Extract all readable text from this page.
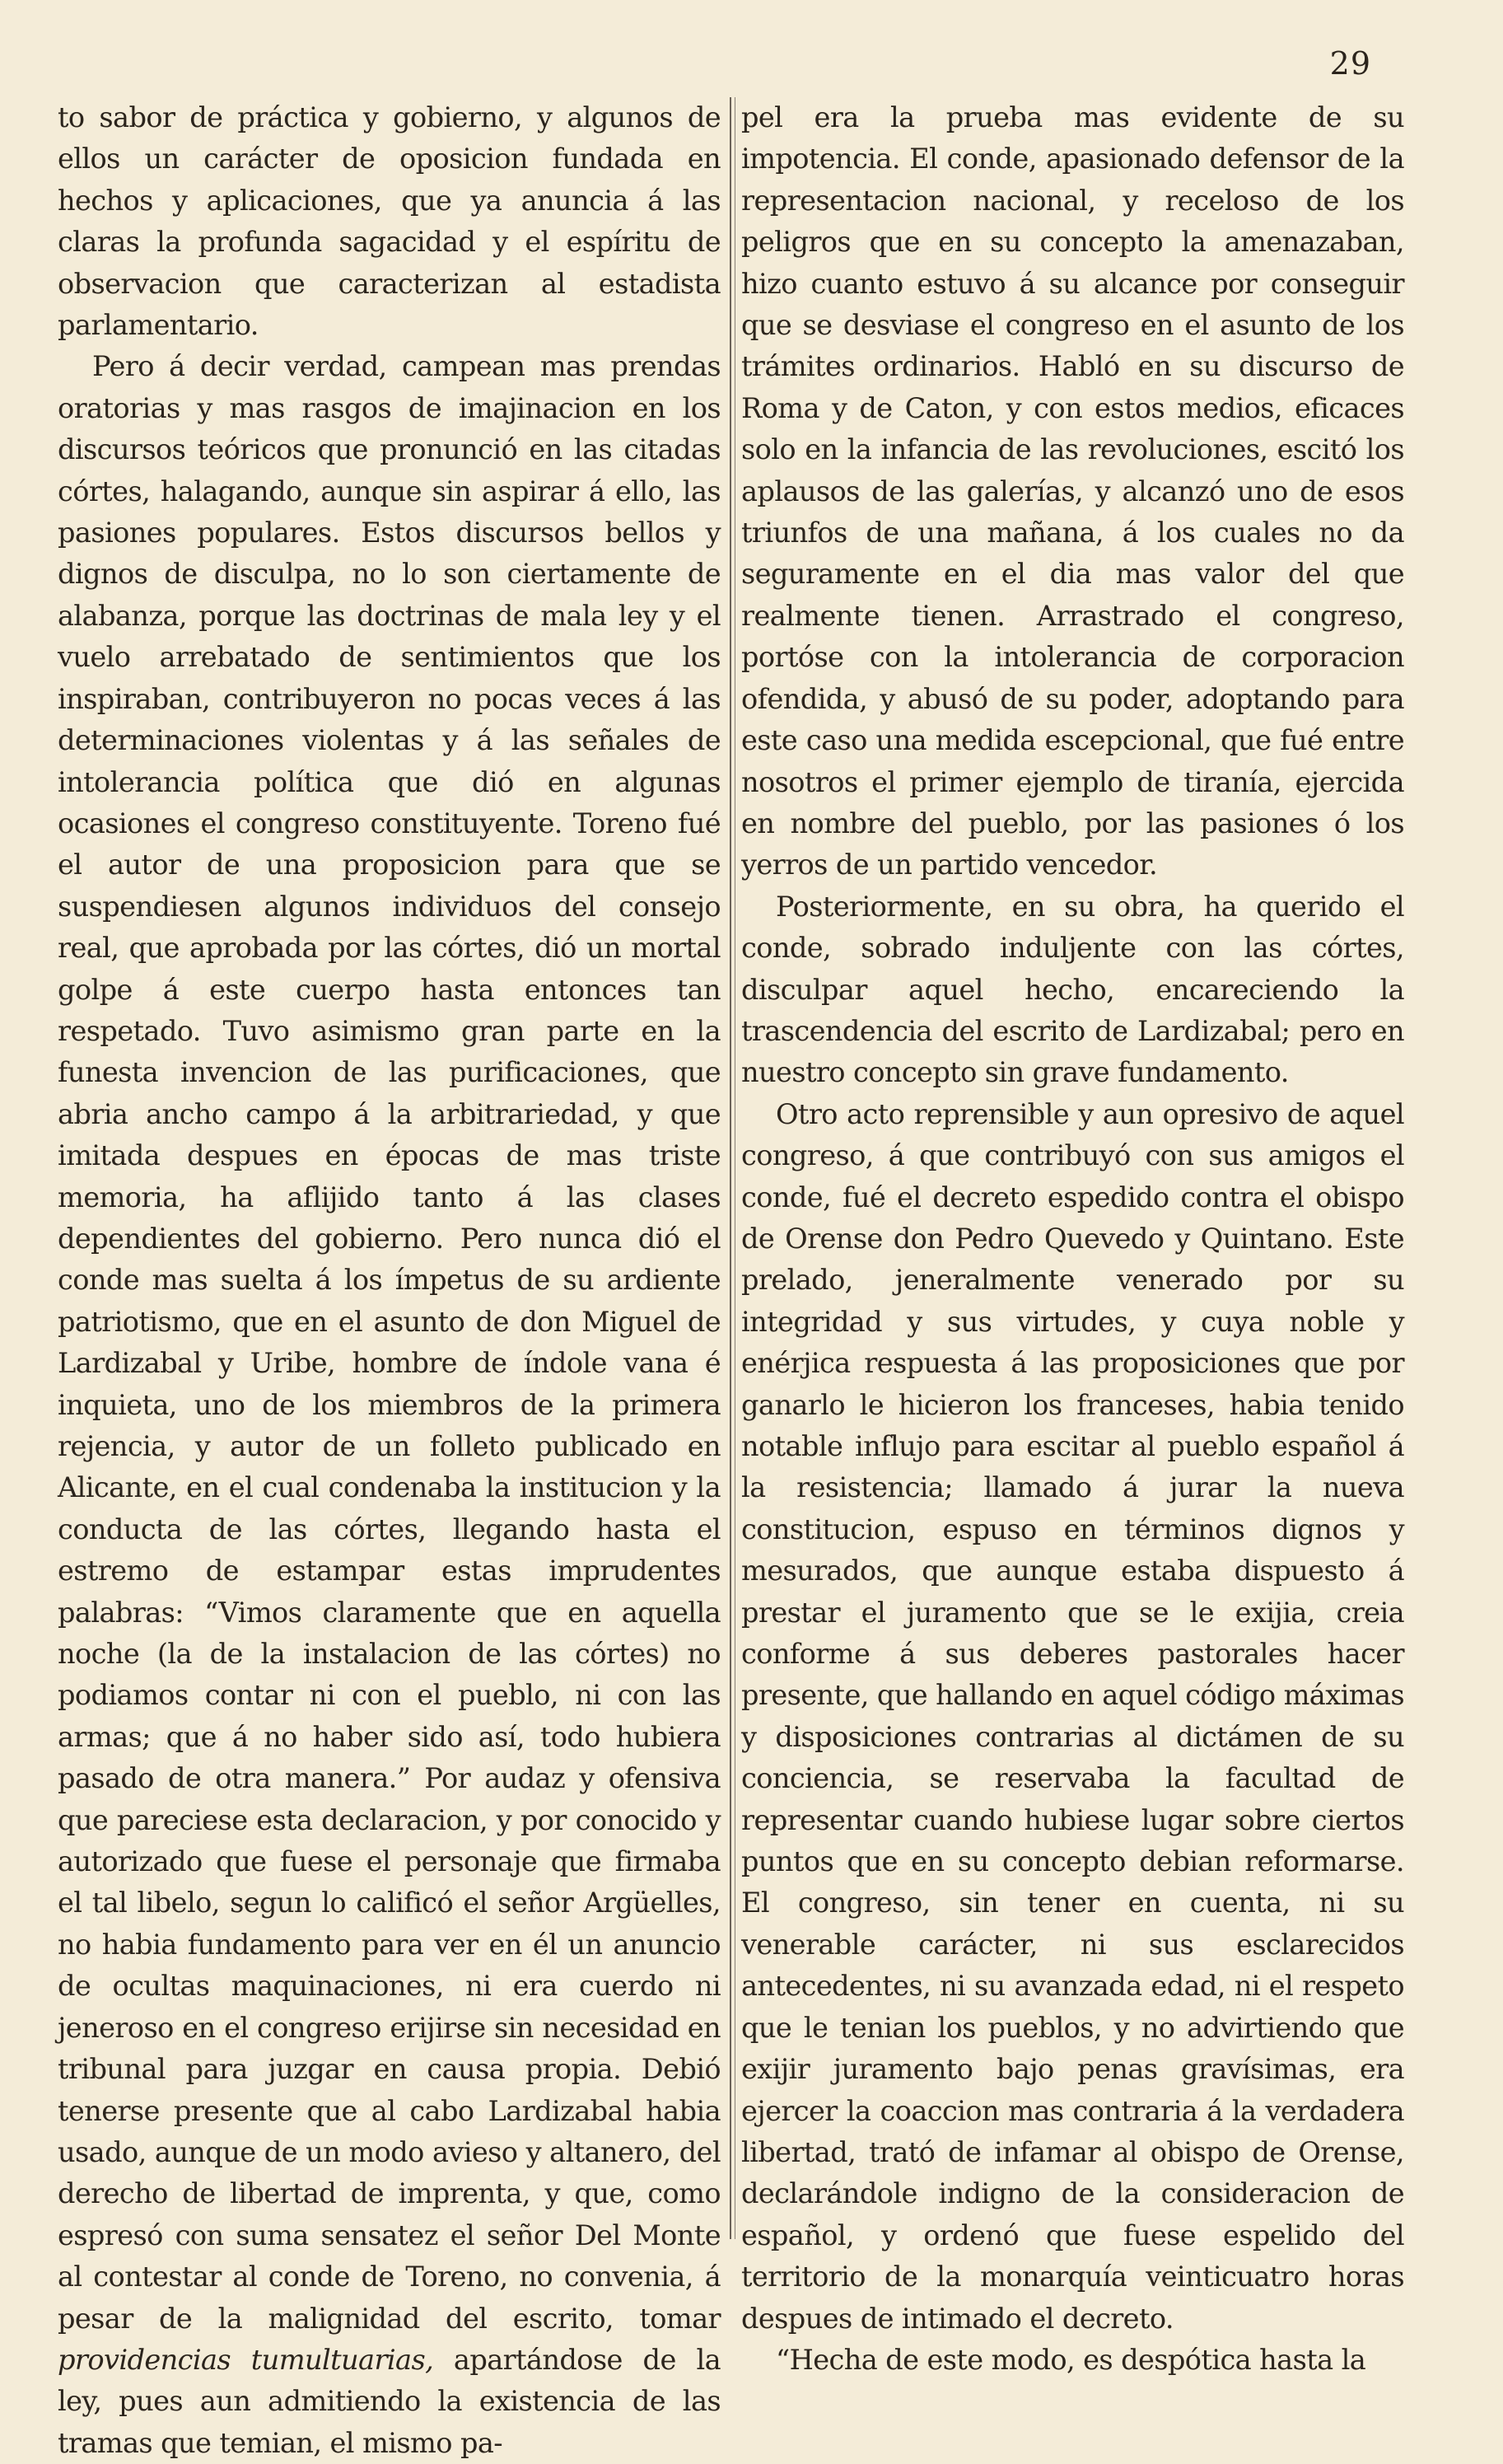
29

to sabor de práctica y gobierno, y algunos de ellos un carácter de oposicion fundada en hechos y aplicaciones, que ya anuncia á las claras la profunda sagacidad y el espíritu de observacion que caracterizan al estadista parlamentario.

Pero á decir verdad, campean mas prendas oratorias y mas rasgos de imajinacion en los discursos teóricos que pronunció en las citadas córtes, halagando, aunque sin aspirar á ello, las pasiones populares. Estos discursos bellos y dignos de disculpa, no lo son ciertamente de alabanza, porque las doctrinas de mala ley y el vuelo arrebatado de sentimientos que los inspiraban, contribuyeron no pocas veces á las determinaciones violentas y á las señales de intolerancia política que dió en algunas ocasiones el congreso constituyente. Toreno fué el autor de una proposicion para que se suspendiesen algunos individuos del consejo real, que aprobada por las córtes, dió un mortal golpe á este cuerpo hasta entonces tan respetado. Tuvo asimismo gran parte en la funesta invencion de las purificaciones, que abria ancho campo á la arbitrariedad, y que imitada despues en épocas de mas triste memoria, ha aflijido tanto á las clases dependientes del gobierno. Pero nunca dió el conde mas suelta á los ímpetus de su ardiente patriotismo, que en el asunto de don Miguel de Lardizabal y Uribe, hombre de índole vana é inquieta, uno de los miembros de la primera rejencia, y autor de un folleto publicado en Alicante, en el cual condenaba la institucion y la conducta de las córtes, llegando hasta el estremo de estampar estas imprudentes palabras: “Vimos claramente que en aquella noche (la de la instalacion de las córtes) no podiamos contar ni con el pueblo, ni con las armas; que á no haber sido así, todo hubiera pasado de otra manera.” Por audaz y ofensiva que pareciese esta declaracion, y por conocido y autorizado que fuese el personaje que firmaba el tal libelo, segun lo calificó el señor Argüelles, no habia fundamento para ver en él un anuncio de ocultas maquinaciones, ni era cuerdo ni jeneroso en el congreso erijirse sin necesidad en tribunal para juzgar en causa propia. Debió tenerse presente que al cabo Lardizabal habia usado, aunque de un modo avieso y altanero, del derecho de libertad de imprenta, y que, como espresó con suma sensatez el señor Del Monte al contestar al conde de Toreno, no convenia, á pesar de la malignidad del escrito, tomar providencias tumultuarias, apartándose de la ley, pues aun admitiendo la existencia de las tramas que temian, el mismo pa-

pel era la prueba mas evidente de su impotencia. El conde, apasionado defensor de la representacion nacional, y receloso de los peligros que en su concepto la amenazaban, hizo cuanto estuvo á su alcance por conseguir que se desviase el congreso en el asunto de los trámites ordinarios. Habló en su discurso de Roma y de Caton, y con estos medios, eficaces solo en la infancia de las revoluciones, escitó los aplausos de las galerías, y alcanzó uno de esos triunfos de una mañana, á los cuales no da seguramente en el dia mas valor del que realmente tienen. Arrastrado el congreso, portóse con la intolerancia de corporacion ofendida, y abusó de su poder, adoptando para este caso una medida escepcional, que fué entre nosotros el primer ejemplo de tiranía, ejercida en nombre del pueblo, por las pasiones ó los yerros de un partido vencedor.

Posteriormente, en su obra, ha querido el conde, sobrado induljente con las córtes, disculpar aquel hecho, encareciendo la trascendencia del escrito de Lardizabal; pero en nuestro concepto sin grave fundamento.

Otro acto reprensible y aun opresivo de aquel congreso, á que contribuyó con sus amigos el conde, fué el decreto espedido contra el obispo de Orense don Pedro Quevedo y Quintano. Este prelado, jeneralmente venerado por su integridad y sus virtudes, y cuya noble y enérjica respuesta á las proposiciones que por ganarlo le hicieron los franceses, habia tenido notable influjo para escitar al pueblo español á la resistencia; llamado á jurar la nueva constitucion, espuso en términos dignos y mesurados, que aunque estaba dispuesto á prestar el juramento que se le exijia, creia conforme á sus deberes pastorales hacer presente, que hallando en aquel código máximas y disposiciones contrarias al dictámen de su conciencia, se reservaba la facultad de representar cuando hubiese lugar sobre ciertos puntos que en su concepto debian reformarse. El congreso, sin tener en cuenta, ni su venerable carácter, ni sus esclarecidos antecedentes, ni su avanzada edad, ni el respeto que le tenian los pueblos, y no advirtiendo que exijir juramento bajo penas gravísimas, era ejercer la coaccion mas contraria á la verdadera libertad, trató de infamar al obispo de Orense, declarándole indigno de la consideracion de español, y ordenó que fuese espelido del territorio de la monarquía veinticuatro horas despues de intimado el decreto.

“Hecha de este modo, es despótica hasta la
